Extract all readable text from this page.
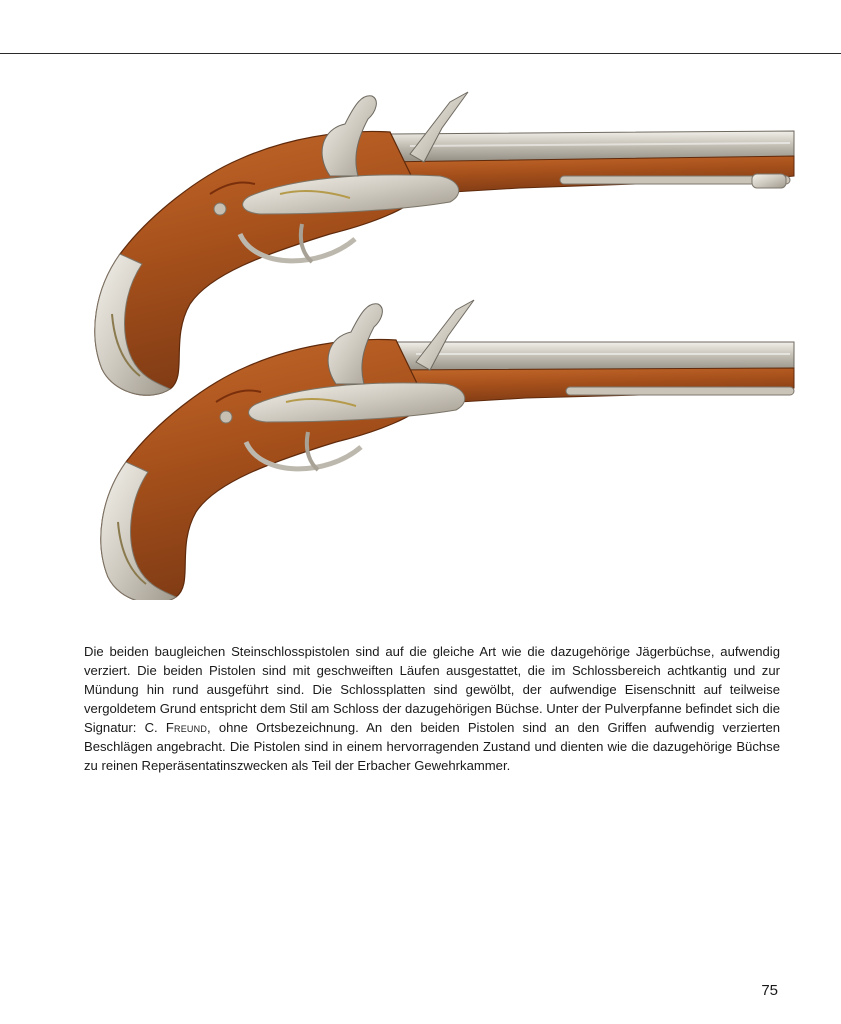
Die beiden baugleichen Steinschlosspistolen sind auf die gleiche Art wie die dazugehörige Jägerbüchse, aufwendig verziert. Die beiden Pistolen sind mit geschweiften Läufen ausgestattet, die im Schlossbereich achtkantig und zur Mündung hin rund ausgeführt sind. Die Schlossplatten sind gewölbt, der aufwendige Eisenschnitt auf teilweise vergoldetem Grund entspricht dem Stil am Schloss der dazugehörigen Büchse. Unter der Pulverpfanne befindet sich die Signatur: C. Freund, ohne Ortsbezeichnung. An den beiden Pistolen sind an den Griffen aufwendig verzierten Beschlägen angebracht. Die Pistolen sind in einem hervorragenden Zustand und dienten wie die dazugehörige Büchse zu reinen Reperäsentatinszwecken als Teil der Erbacher Gewehrkammer.

75
